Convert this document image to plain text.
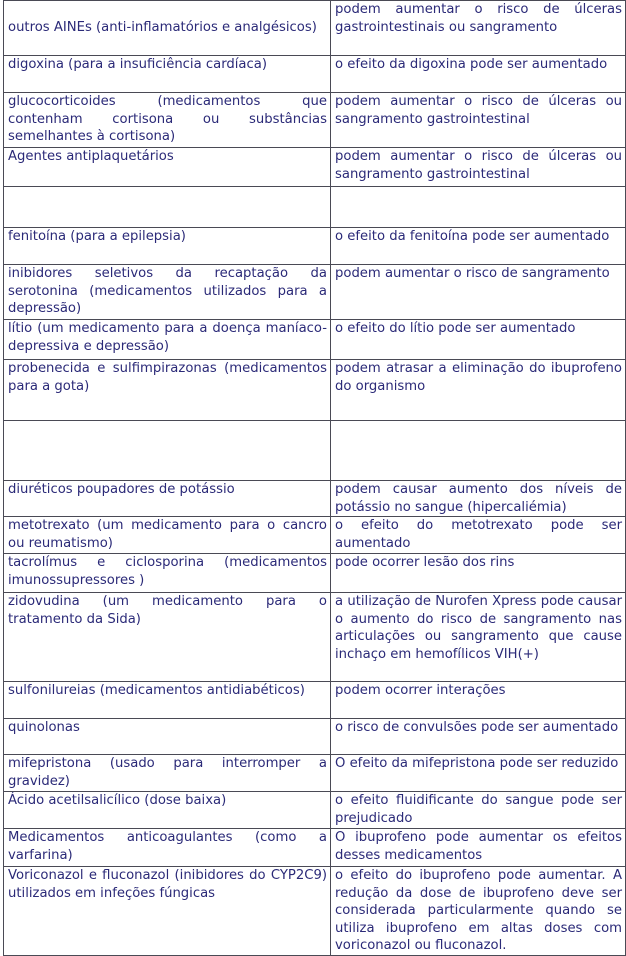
outros AINEs (anti-inflamatórios e analgésicos)	podem aumentar o risco de úlceras gastrointestinais ou sangramento
digoxina (para a insuficiência cardíaca)	o efeito da digoxina pode ser aumentado
glucocorticoides (medicamentos que contenham cortisona ou substâncias semelhantes à cortisona)	podem aumentar o risco de úlceras ou sangramento gastrointestinal
Agentes antiplaquetários	podem aumentar o risco de úlceras ou sangramento gastrointestinal

fenitoína (para a epilepsia)	o efeito da fenitoína pode ser aumentado
inibidores seletivos da recaptação da serotonina (medicamentos utilizados para a depressão)	podem aumentar o risco de sangramento
lítio (um medicamento para a doença maníaco-depressiva e depressão)	o efeito do lítio pode ser aumentado
probenecida e sulfimpirazonas (medicamentos para a gota)	podem atrasar a eliminação do ibuprofeno do organismo

diuréticos poupadores de potássio	podem causar aumento dos níveis de potássio no sangue (hipercaliémia)
metotrexato (um medicamento para o cancro ou reumatismo)	o efeito do metotrexato pode ser aumentado
tacrolímus e ciclosporina (medicamentos imunossupressores )	pode ocorrer lesão dos rins
zidovudina (um medicamento para o tratamento da Sida)	a utilização de Nurofen Xpress pode causar o aumento do risco de sangramento nas articulações ou sangramento que cause inchaço em hemofílicos VIH(+)
sulfonilureias (medicamentos antidiabéticos)	podem ocorrer interações
quinolonas	o risco de convulsões pode ser aumentado
mifepristona (usado para interromper a gravidez)	O efeito da mifepristona pode ser reduzido
Ácido acetilsalicílico (dose baixa)	o efeito fluidificante do sangue pode ser prejudicado
Medicamentos anticoagulantes (como a varfarina)	O ibuprofeno pode aumentar os efeitos desses medicamentos
Voriconazol e fluconazol (inibidores do CYP2C9) utilizados em infeções fúngicas	o efeito do ibuprofeno pode aumentar. A redução da dose de ibuprofeno deve ser considerada particularmente quando se utiliza ibuprofeno em altas doses com voriconazol ou fluconazol.
